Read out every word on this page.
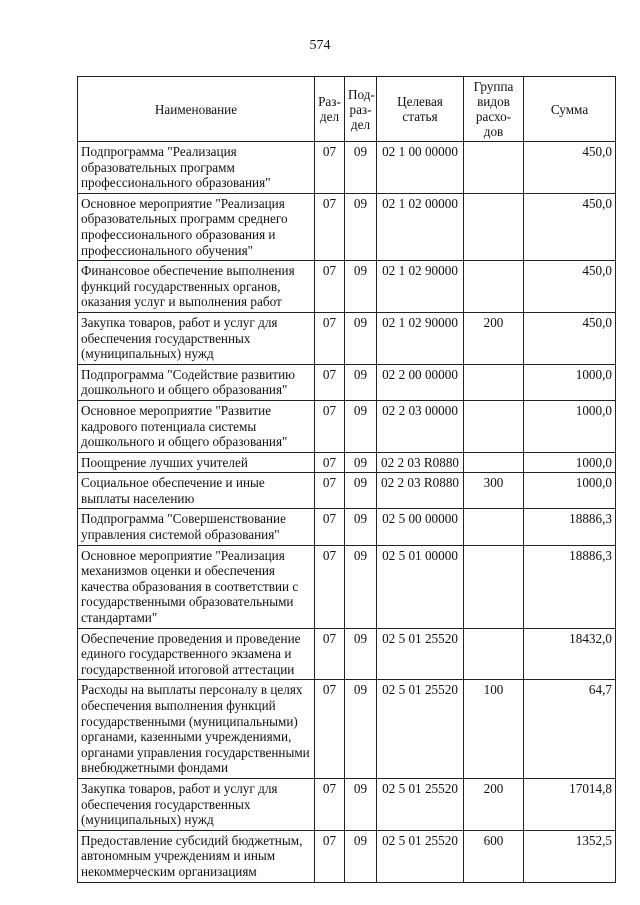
574
Наименование	Раз-дел	Под-раз-дел	Целевая статья	Группа видов расхо-дов	Сумма
Подпрограмма "Реализация образовательных программ профессионального образования"	07	09	02 1 00 00000		450,0
Основное мероприятие "Реализация образовательных программ среднего профессионального образования и профессионального обучения"	07	09	02 1 02 00000		450,0
Финансовое обеспечение выполнения функций государственных органов, оказания услуг и выполнения работ	07	09	02 1 02 90000		450,0
Закупка товаров, работ и услуг для обеспечения государственных (муниципальных) нужд	07	09	02 1 02 90000	200	450,0
Подпрограмма "Содействие развитию дошкольного и общего образования"	07	09	02 2 00 00000		1000,0
Основное мероприятие "Развитие кадрового потенциала системы дошкольного и общего образования"	07	09	02 2 03 00000		1000,0
Поощрение лучших учителей	07	09	02 2 03 R0880		1000,0
Социальное обеспечение и иные выплаты населению	07	09	02 2 03 R0880	300	1000,0
Подпрограмма "Совершенствование управления системой образования"	07	09	02 5 00 00000		18886,3
Основное мероприятие "Реализация механизмов оценки и обеспечения качества образования в соответствии с государственными образовательными стандартами"	07	09	02 5 01 00000		18886,3
Обеспечение проведения и проведение единого государственного экзамена и государственной итоговой аттестации	07	09	02 5 01 25520		18432,0
Расходы на выплаты персоналу в целях обеспечения выполнения функций государственными (муниципальными) органами, казенными учреждениями, органами управления государственными внебюджетными фондами	07	09	02 5 01 25520	100	64,7
Закупка товаров, работ и услуг для обеспечения государственных (муниципальных) нужд	07	09	02 5 01 25520	200	17014,8
Предоставление субсидий бюджетным, автономным учреждениям и иным некоммерческим организациям	07	09	02 5 01 25520	600	1352,5
